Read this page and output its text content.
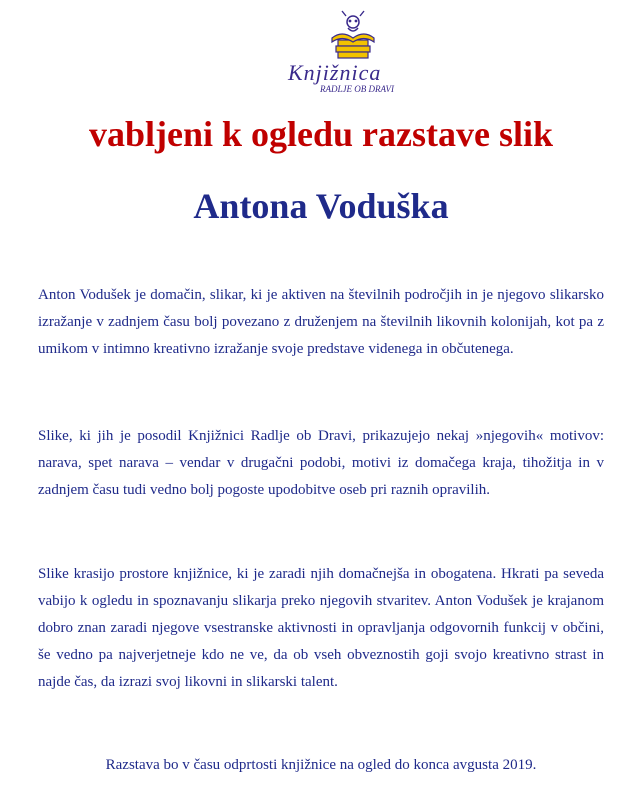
Knjižnica
RADLJE OB DRAVI
vabljeni k ogledu razstave slik
Antona Voduška

Anton Vodušek je domačin, slikar, ki je aktiven na številnih področjih in je njegovo slikarsko izražanje v zadnjem času bolj povezano z druženjem na številnih likovnih kolonijah, kot pa z umikom v intimno kreativno izražanje svoje predstave videnega in občutenega.

Slike, ki jih je posodil Knjižnici Radlje ob Dravi, prikazujejo nekaj »njegovih« motivov: narava, spet narava – vendar v drugačni podobi, motivi iz domačega kraja, tihožitja in v zadnjem času tudi vedno bolj pogoste upodobitve oseb pri raznih opravilih.

Slike krasijo prostore knjižnice, ki je zaradi njih domačnejša in obogatena. Hkrati pa seveda vabijo k ogledu in spoznavanju slikarja preko njegovih stvaritev. Anton Vodušek je krajanom dobro znan zaradi njegove vsestranske aktivnosti in opravljanja odgovornih funkcij v občini, še vedno pa najverjetneje kdo ne ve, da ob vseh obveznostih goji svojo kreativno strast in najde čas, da izrazi svoj likovni in slikarski talent.

Razstava bo v času odprtosti knjižnice na ogled do konca avgusta 2019.
